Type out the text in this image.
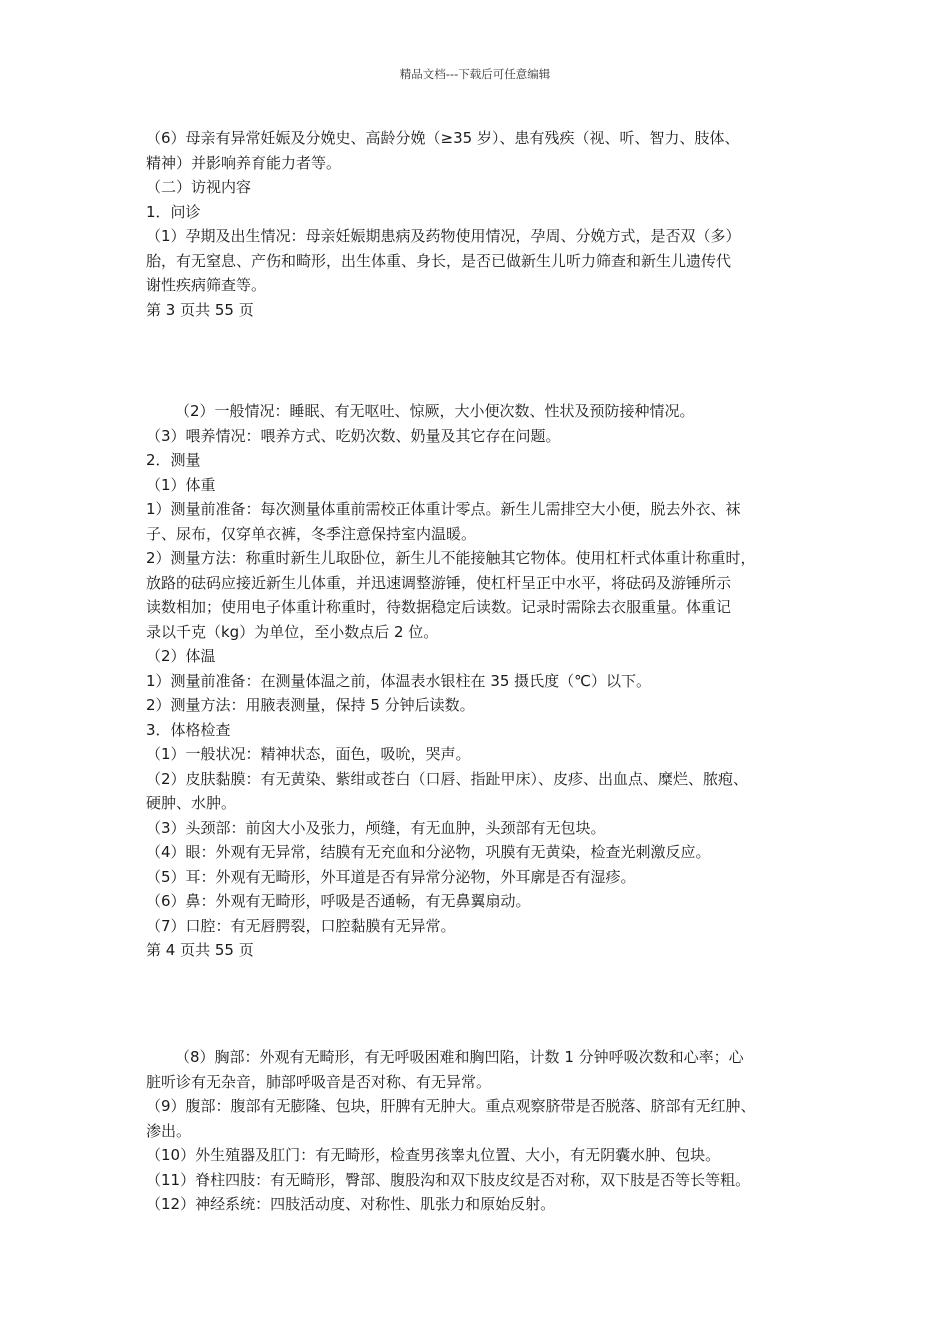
精品文档---下载后可任意编辑
（6）母亲有异常妊娠及分娩史、高龄分娩（≥35 岁）、患有残疾（视、听、智力、肢体、
精神）并影响养育能力者等。
（二）访视内容
1．问诊
（1）孕期及出生情况：母亲妊娠期患病及药物使用情况，孕周、分娩方式，是否双（多）
胎，有无窒息、产伤和畸形，出生体重、身长，是否已做新生儿听力筛查和新生儿遗传代
谢性疾病筛查等。
第 3 页共 55 页
（2）一般情况：睡眠、有无呕吐、惊厥，大小便次数、性状及预防接种情况。
（3）喂养情况：喂养方式、吃奶次数、奶量及其它存在问题。
2．测量
（1）体重
1）测量前准备：每次测量体重前需校正体重计零点。新生儿需排空大小便，脱去外衣、袜
子、尿布，仅穿单衣裤，冬季注意保持室内温暖。
2）测量方法：称重时新生儿取卧位，新生儿不能接触其它物体。使用杠杆式体重计称重时，
放路的砝码应接近新生儿体重，并迅速调整游锤，使杠杆呈正中水平，将砝码及游锤所示
读数相加；使用电子体重计称重时，待数据稳定后读数。记录时需除去衣服重量。体重记
录以千克（kg）为单位，至小数点后 2 位。
（2）体温
1）测量前准备：在测量体温之前，体温表水银柱在 35 摄氏度（℃）以下。
2）测量方法：用腋表测量，保持 5 分钟后读数。
3．体格检查
（1）一般状况：精神状态，面色，吸吮，哭声。
（2）皮肤黏膜：有无黄染、紫绀或苍白（口唇、指趾甲床）、皮疹、出血点、糜烂、脓疱、
硬肿、水肿。
（3）头颈部：前囟大小及张力，颅缝，有无血肿，头颈部有无包块。
（4）眼：外观有无异常，结膜有无充血和分泌物，巩膜有无黄染，检查光刺激反应。
（5）耳：外观有无畸形，外耳道是否有异常分泌物，外耳廓是否有湿疹。
（6）鼻：外观有无畸形，呼吸是否通畅，有无鼻翼扇动。
（7）口腔：有无唇腭裂，口腔黏膜有无异常。
第 4 页共 55 页
（8）胸部：外观有无畸形，有无呼吸困难和胸凹陷，计数 1 分钟呼吸次数和心率；心
脏听诊有无杂音，肺部呼吸音是否对称、有无异常。
（9）腹部：腹部有无膨隆、包块，肝脾有无肿大。重点观察脐带是否脱落、脐部有无红肿、
渗出。
（10）外生殖器及肛门：有无畸形，检查男孩睾丸位置、大小，有无阴囊水肿、包块。
（11）脊柱四肢：有无畸形，臀部、腹股沟和双下肢皮纹是否对称，双下肢是否等长等粗。
（12）神经系统：四肢活动度、对称性、肌张力和原始反射。
